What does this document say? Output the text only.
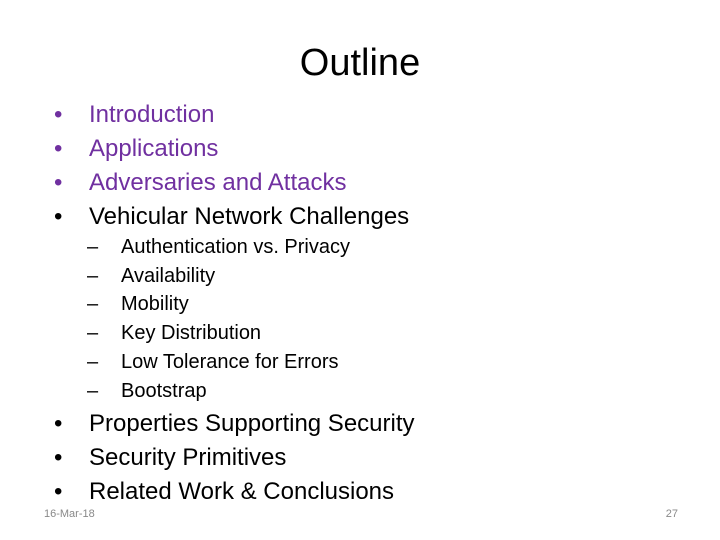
Outline
•	Introduction
•	Applications
•	Adversaries and Attacks
•	Vehicular Network Challenges
– Authentication vs. Privacy
– Availability
– Mobility
– Key Distribution
– Low Tolerance for Errors
– Bootstrap
•	Properties Supporting Security
•	Security Primitives
•	Related Work & Conclusions
16-Mar-18	27
